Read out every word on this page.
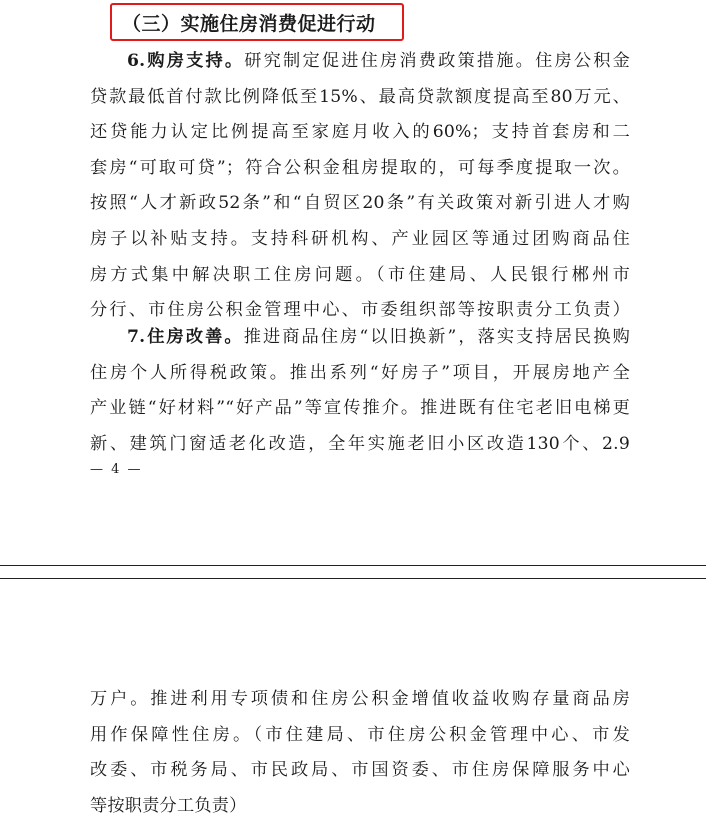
（三）实施住房消费促进行动
6.购房支持。研究制定促进住房消费政策措施。住房公积金
贷款最低首付款比例降低至15%、最高贷款额度提高至80万元、
还贷能力认定比例提高至家庭月收入的60%；支持首套房和二
套房“可取可贷”；符合公积金租房提取的，可每季度提取一次。
按照“人才新政52条”和“自贸区20条”有关政策对新引进人才购
房子以补贴支持。支持科研机构、产业园区等通过团购商品住
房方式集中解决职工住房问题。（市住建局、人民银行郴州市
分行、市住房公积金管理中心、市委组织部等按职责分工负责）
7.住房改善。推进商品住房“以旧换新”，落实支持居民换购
住房个人所得税政策。推出系列“好房子”项目，开展房地产全
产业链“好材料”“好产品”等宣传推介。推进既有住宅老旧电梯更
新、建筑门窗适老化改造，全年实施老旧小区改造130个、2.9
— 4 —
万户。推进利用专项债和住房公积金增值收益收购存量商品房
用作保障性住房。（市住建局、市住房公积金管理中心、市发
改委、市税务局、市民政局、市国资委、市住房保障服务中心
等按职责分工负责）
